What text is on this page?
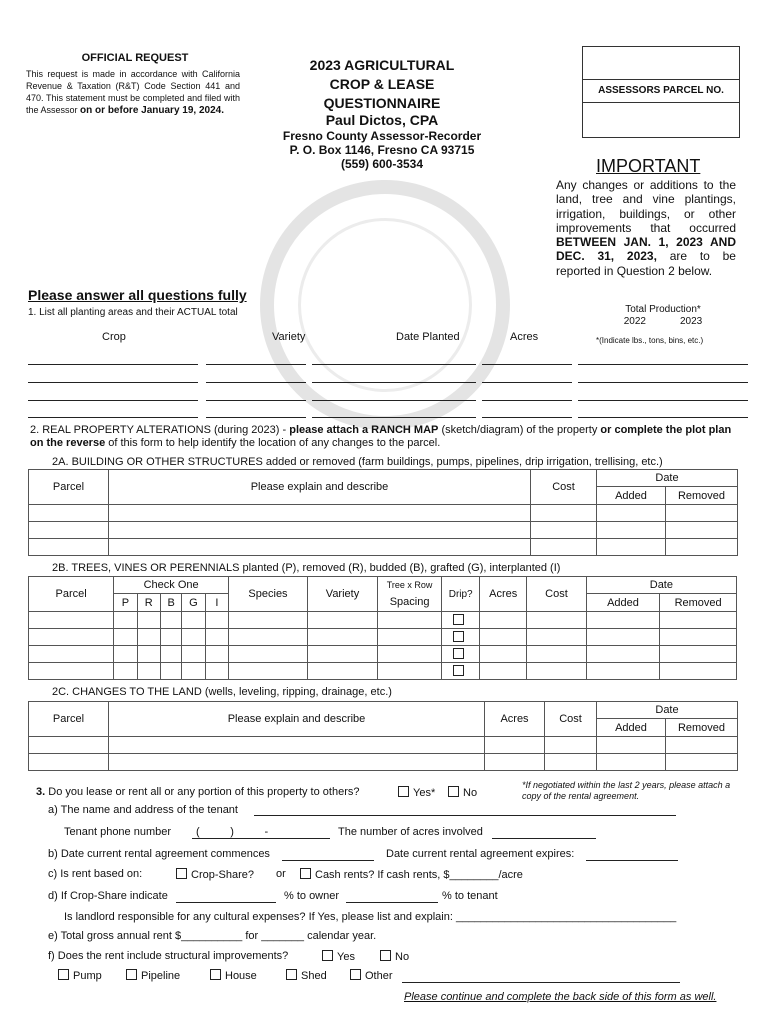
OFFICIAL REQUEST
This request is made in accordance with California Revenue & Taxation (R&T) Code Section 441 and 470. This statement must be completed and filed with the Assessor on or before January 19, 2024.
2023 AGRICULTURAL
CROP & LEASE
QUESTIONNAIRE
Paul Dictos, CPA
Fresno County Assessor-Recorder
P. O. Box 1146, Fresno CA 93715
(559) 600-3534
ASSESSORS PARCEL NO.
IMPORTANT
Any changes or additions to the land, tree and vine plantings, irrigation, buildings, or other improvements that occurred BETWEEN JAN. 1, 2023 AND DEC. 31, 2023, are to be reported in Question 2 below.
Please answer all questions fully
1. List all planting areas and their ACTUAL total	Total Production*
2022	2023
Crop	Variety	Date Planted	Acres	*(Indicate lbs., tons, bins, etc.)
2. REAL PROPERTY ALTERATIONS (during 2023) - please attach a RANCH MAP (sketch/diagram) of the property or complete the plot plan on the reverse of this form to help identify the location of any changes to the parcel.
2A. BUILDING OR OTHER STRUCTURES added or removed (farm buildings, pumps, pipelines, drip irrigation, trellising, etc.)
Parcel	Please explain and describe	Cost	Date	
			Added	Removed

2B. TREES, VINES OR PERENNIALS planted (P), removed (R), budded (B), grafted (G), interplanted (I)
Parcel	Check One					Species	Variety	Tree x Row	Drip?	Acres	Cost	Date	
	P	R	B	G	I			Spacing				Added	Removed

2C. CHANGES TO THE LAND (wells, leveling, ripping, drainage, etc.)
Parcel	Please explain and describe	Acres	Cost	Date	
				Added	Removed

3. Do you lease or rent all or any portion of this property to others?	Yes*	No
*If negotiated within the last 2 years, please attach a copy of the rental agreement.
a) The name and address of the tenant
Tenant phone number (          )          -	The number of acres involved
b) Date current rental agreement commences	Date current rental agreement expires:
c) Is rent based on:	Crop-Share? or	Cash rents? If cash rents, $________/acre
d) If Crop-Share indicate	% to owner	% to tenant
Is landlord responsible for any cultural expenses? If Yes, please list and explain: ____________________________________
e) Total gross annual rent $__________ for _______ calendar year.
f) Does the rent include structural improvements?	Yes	No
Pump	Pipeline	House	Shed	Other
Please continue and complete the back side of this form as well.
